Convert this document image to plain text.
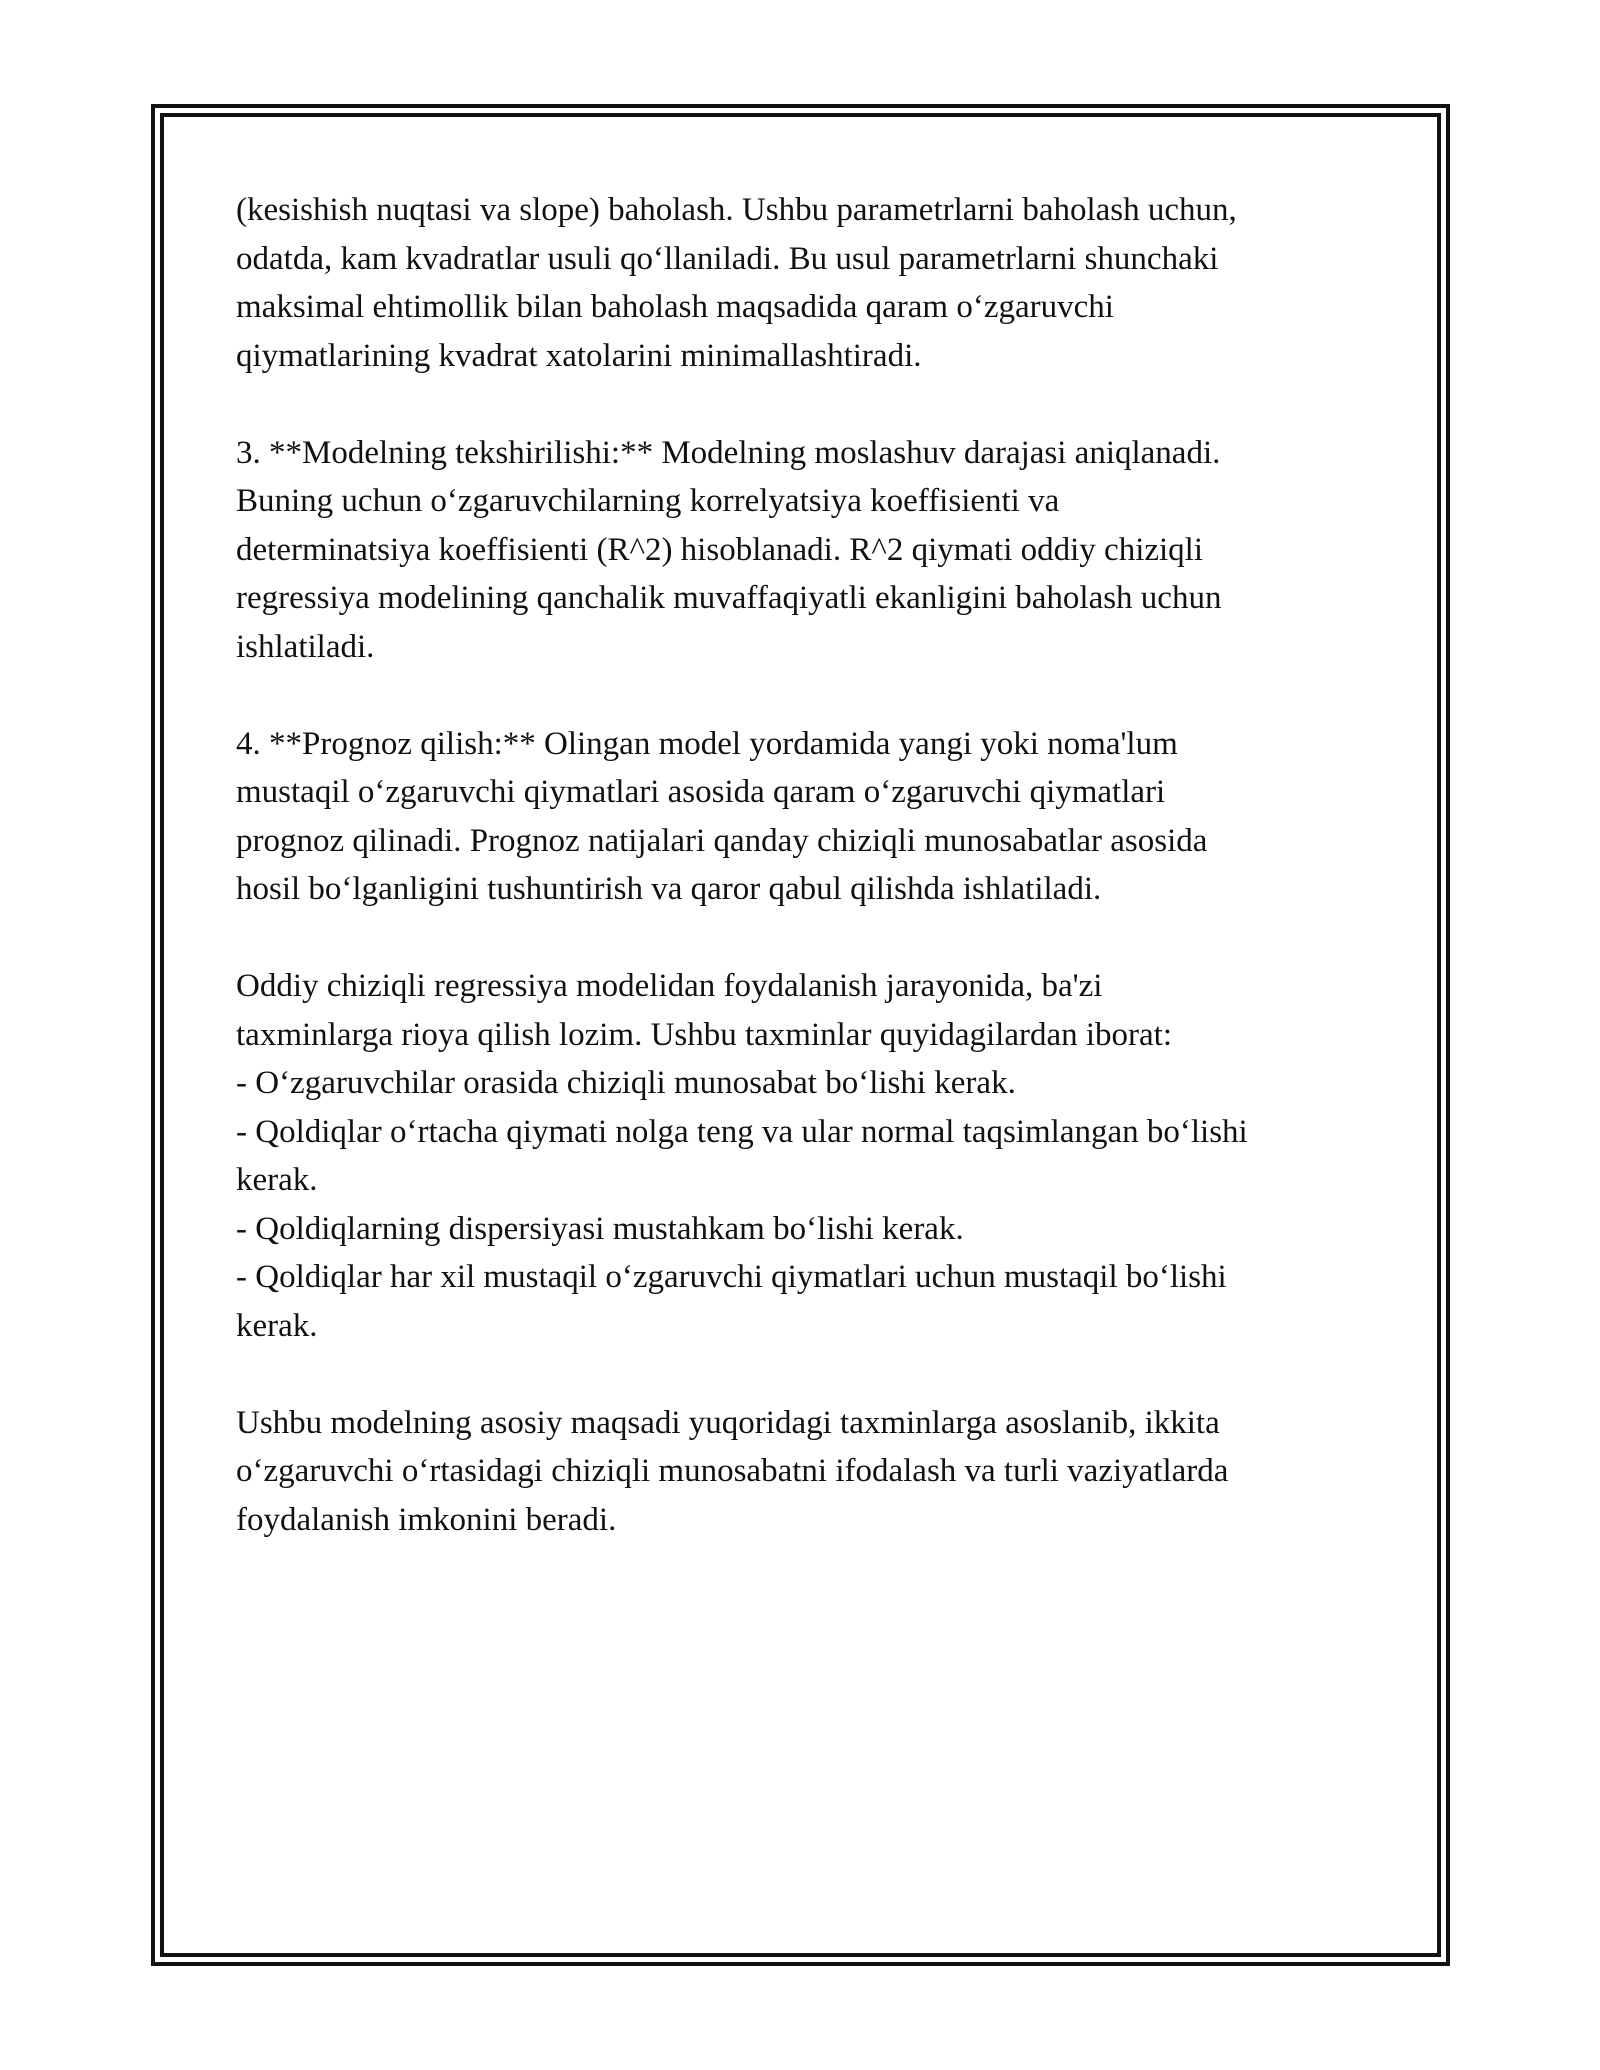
(kesishish nuqtasi va slope) baholash. Ushbu parametrlarni baholash uchun,
odatda, kam kvadratlar usuli qo‘llaniladi. Bu usul parametrlarni shunchaki
maksimal ehtimollik bilan baholash maqsadida qaram o‘zgaruvchi
qiymatlarining kvadrat xatolarini minimallashtiradi.

3. **Modelning tekshirilishi:** Modelning moslashuv darajasi aniqlanadi.
Buning uchun o‘zgaruvchilarning korrelyatsiya koeffisienti va
determinatsiya koeffisienti (R^2) hisoblanadi. R^2 qiymati oddiy chiziqli
regressiya modelining qanchalik muvaffaqiyatli ekanligini baholash uchun
ishlatiladi.

4. **Prognoz qilish:** Olingan model yordamida yangi yoki noma'lum
mustaqil o‘zgaruvchi qiymatlari asosida qaram o‘zgaruvchi qiymatlari
prognoz qilinadi. Prognoz natijalari qanday chiziqli munosabatlar asosida
hosil bo‘lganligini tushuntirish va qaror qabul qilishda ishlatiladi.

Oddiy chiziqli regressiya modelidan foydalanish jarayonida, ba'zi
taxminlarga rioya qilish lozim. Ushbu taxminlar quyidagilardan iborat:
- O‘zgaruvchilar orasida chiziqli munosabat bo‘lishi kerak.
- Qoldiqlar o‘rtacha qiymati nolga teng va ular normal taqsimlangan bo‘lishi
kerak.
- Qoldiqlarning dispersiyasi mustahkam bo‘lishi kerak.
- Qoldiqlar har xil mustaqil o‘zgaruvchi qiymatlari uchun mustaqil bo‘lishi
kerak.

Ushbu modelning asosiy maqsadi yuqoridagi taxminlarga asoslanib, ikkita
o‘zgaruvchi o‘rtasidagi chiziqli munosabatni ifodalash va turli vaziyatlarda
foydalanish imkonini beradi.
